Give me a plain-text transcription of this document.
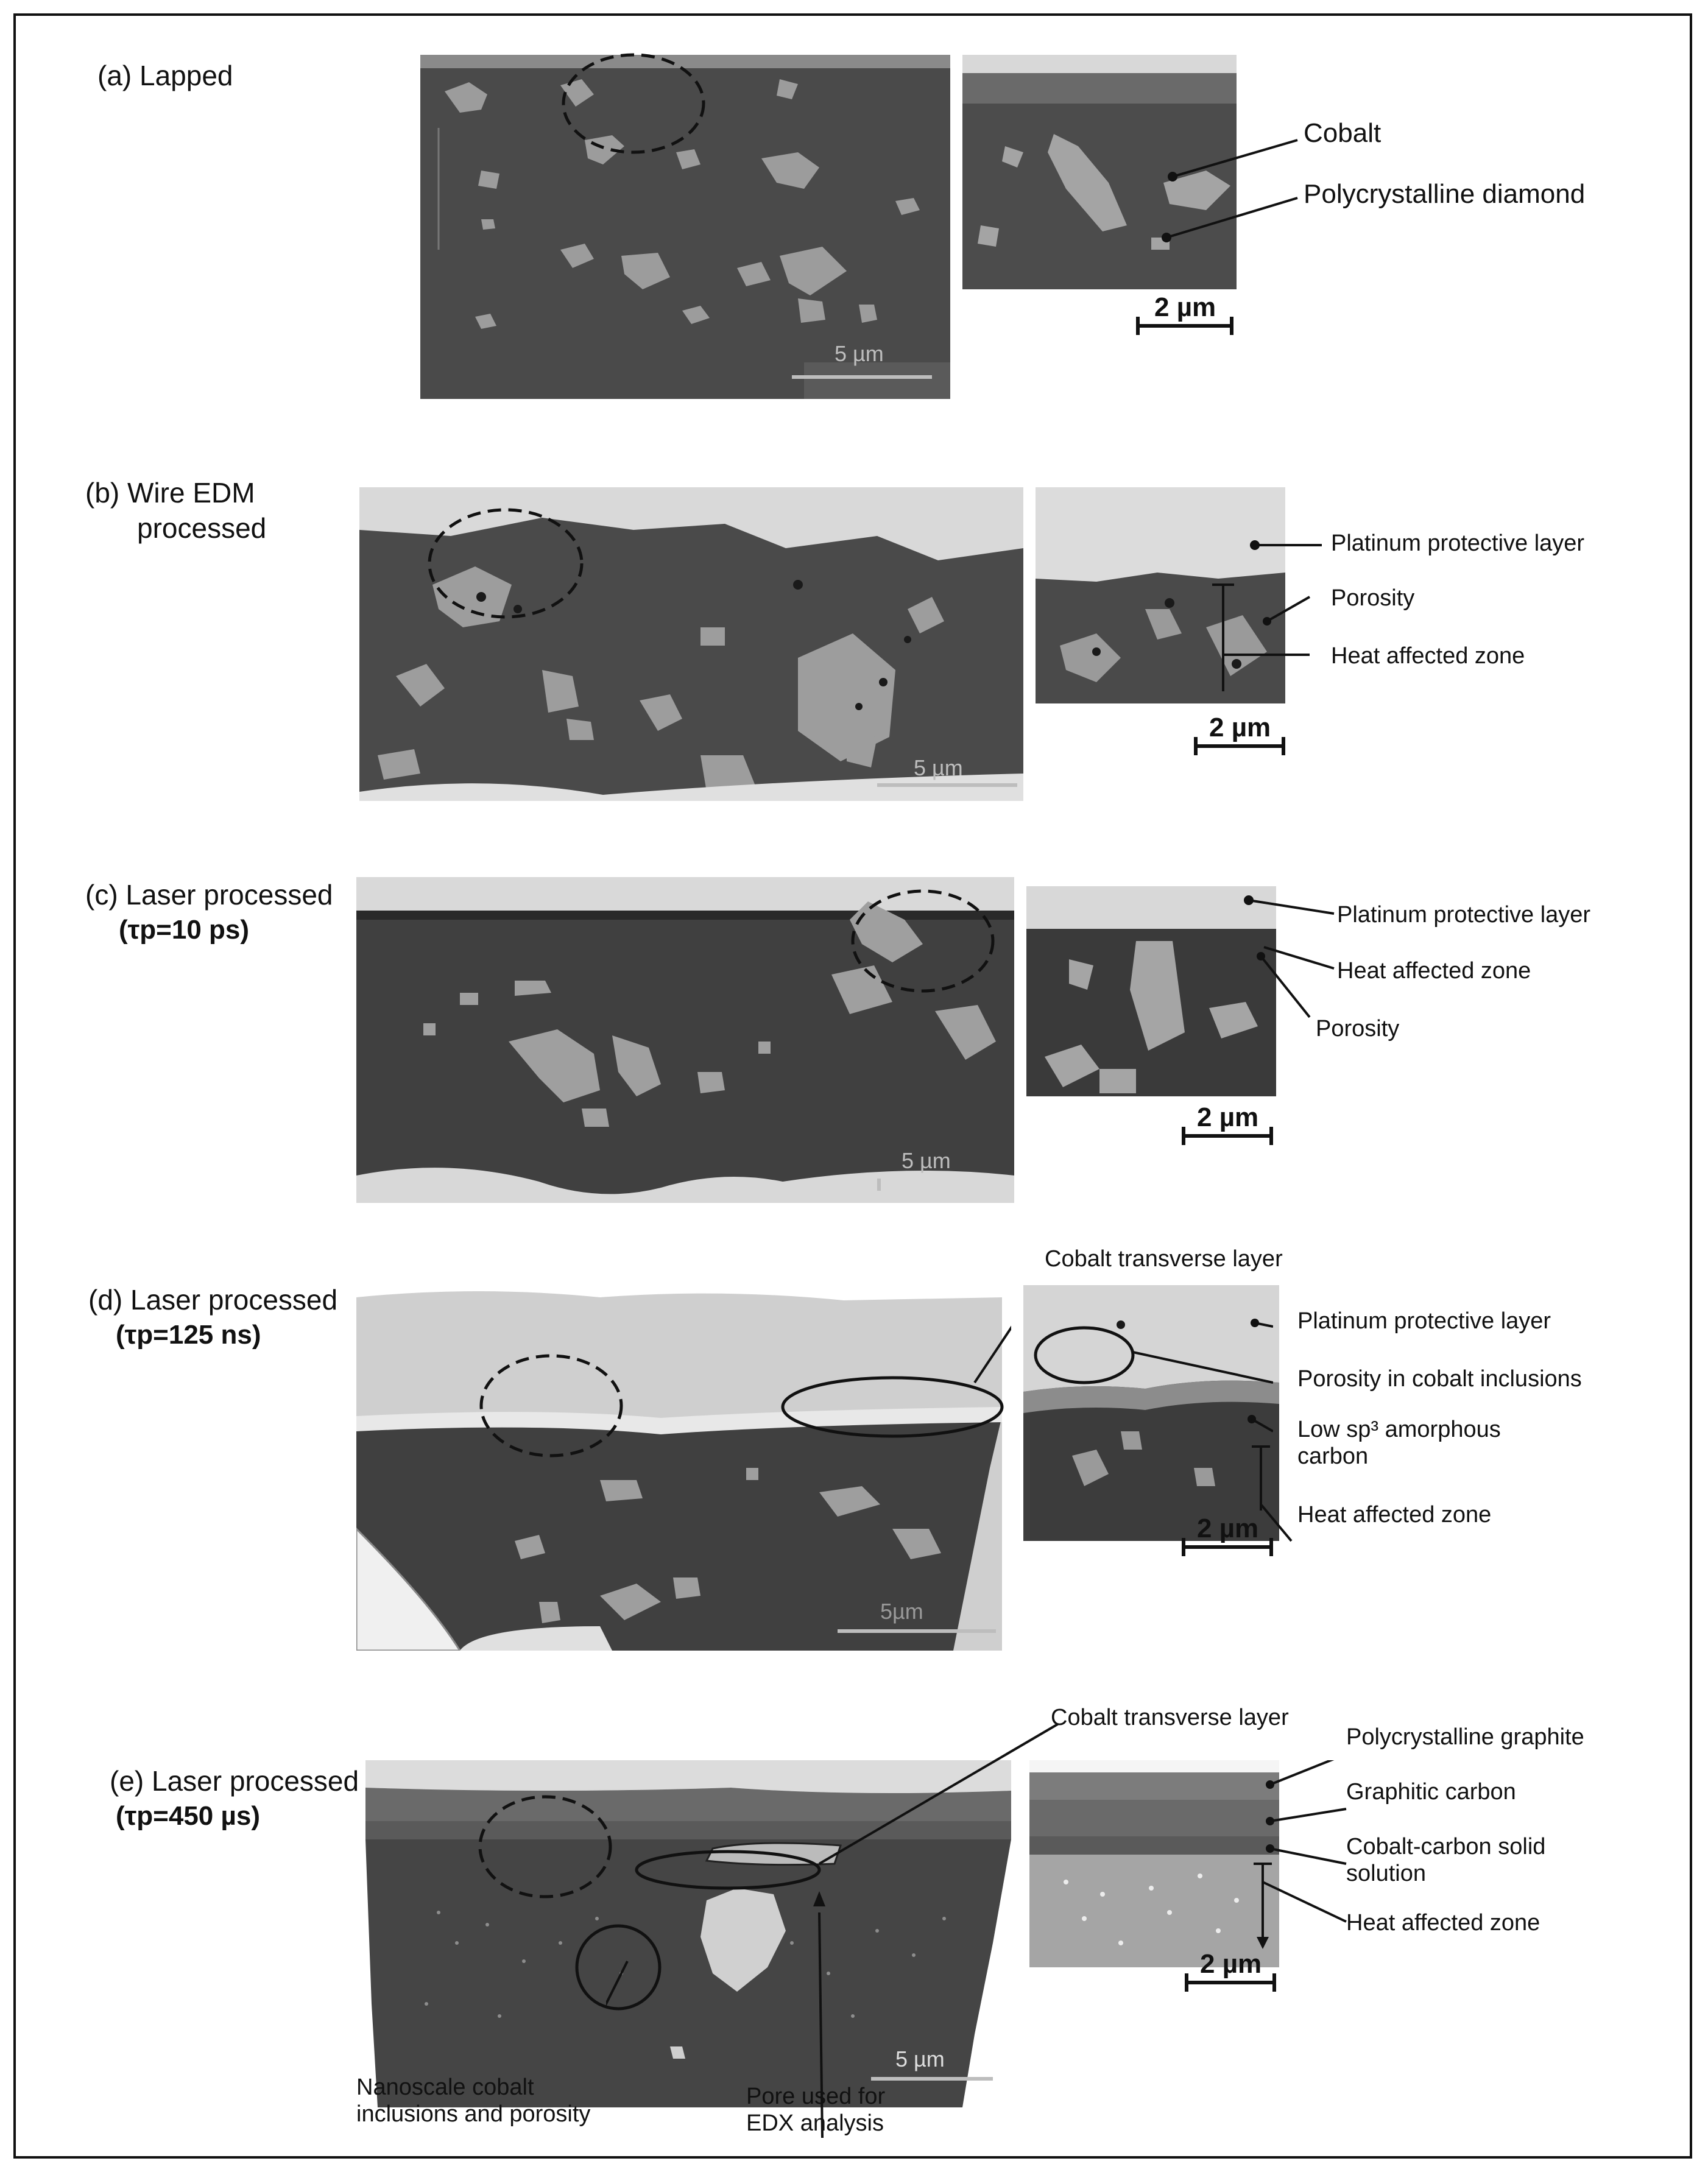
(a) Lapped
5 µm
Cobalt
Polycrystalline diamond
2 µm
(b) Wire EDM
processed
5 µm
Platinum protective layer
Porosity
Heat affected zone
2 µm
(c) Laser processed
(τp=10 ps)
5 µm
Platinum protective layer
Heat affected zone
Porosity
2 µm
(d) Laser processed
(τp=125 ns)
5µm
Cobalt transverse layer
Platinum protective layer
Porosity in cobalt inclusions
Low sp³ amorphous
carbon
Heat affected zone
2 µm
(e) Laser processed
(τp=450 µs)
5 µm
Cobalt transverse layer
Polycrystalline graphite
Graphitic carbon
Cobalt-carbon solid
solution
Heat affected zone
2 µm
Nanoscale cobalt
inclusions and porosity
Pore used for
EDX analysis
